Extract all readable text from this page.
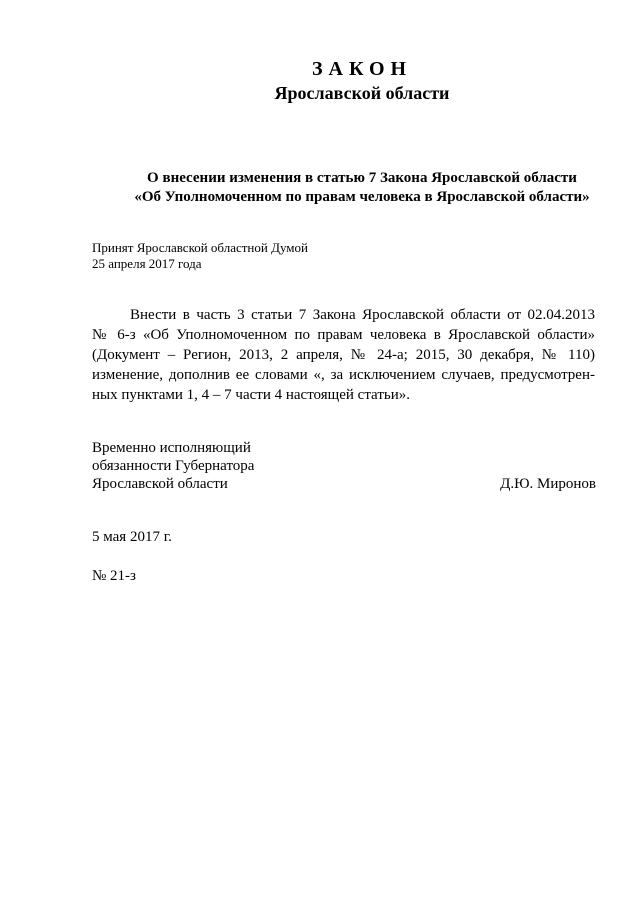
ЗАКОН
Ярославской области
О внесении изменения в статью 7 Закона Ярославской области
«Об Уполномоченном по правам человека в Ярославской области»
Принят Ярославской областной Думой
25 апреля 2017 года
Внести в часть 3 статьи 7 Закона Ярославской области от 02.04.2013
№ 6-з «Об Уполномоченном по правам человека в Ярославской области»
(Документ – Регион, 2013, 2 апреля, № 24-а; 2015, 30 декабря, № 110)
изменение, дополнив ее словами «, за исключением случаев, предусмотрен-
ных пунктами 1, 4 – 7 части 4 настоящей статьи».
Временно исполняющий
обязанности Губернатора
Ярославской области	Д.Ю. Миронов
5 мая 2017 г.
№ 21-з
